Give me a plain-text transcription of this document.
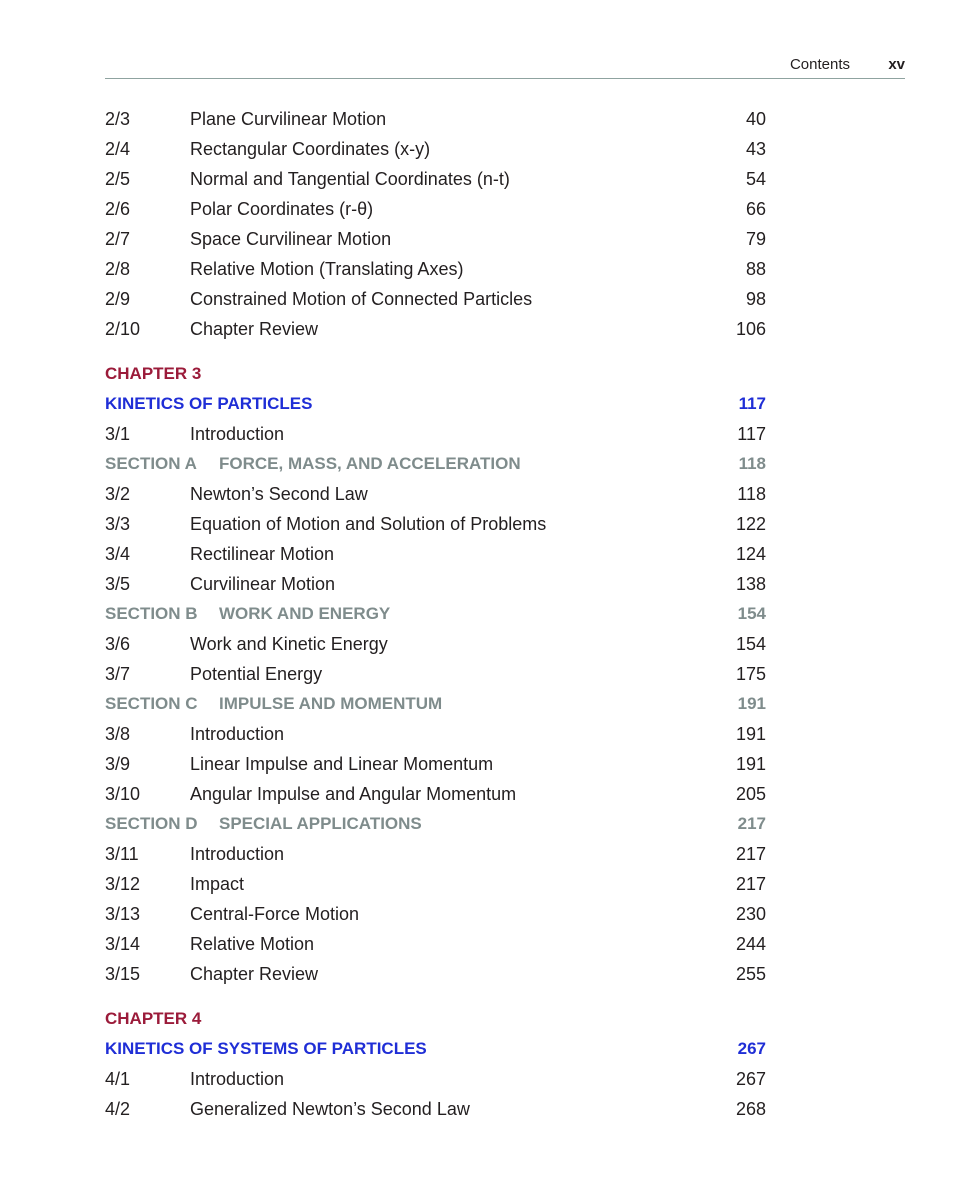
Contents	xv
2/3	Plane Curvilinear Motion	40
2/4	Rectangular Coordinates (x-y)	43
2/5	Normal and Tangential Coordinates (n-t)	54
2/6	Polar Coordinates (r-θ)	66
2/7	Space Curvilinear Motion	79
2/8	Relative Motion (Translating Axes)	88
2/9	Constrained Motion of Connected Particles	98
2/10	Chapter Review	106
CHAPTER 3
KINETICS OF PARTICLES	117
3/1	Introduction	117
SECTION A FORCE, MASS, AND ACCELERATION	118
3/2	Newton’s Second Law	118
3/3	Equation of Motion and Solution of Problems	122
3/4	Rectilinear Motion	124
3/5	Curvilinear Motion	138
SECTION B WORK AND ENERGY	154
3/6	Work and Kinetic Energy	154
3/7	Potential Energy	175
SECTION C IMPULSE AND MOMENTUM	191
3/8	Introduction	191
3/9	Linear Impulse and Linear Momentum	191
3/10	Angular Impulse and Angular Momentum	205
SECTION D SPECIAL APPLICATIONS	217
3/11	Introduction	217
3/12	Impact	217
3/13	Central-Force Motion	230
3/14	Relative Motion	244
3/15	Chapter Review	255
CHAPTER 4
KINETICS OF SYSTEMS OF PARTICLES	267
4/1	Introduction	267
4/2	Generalized Newton’s Second Law	268
